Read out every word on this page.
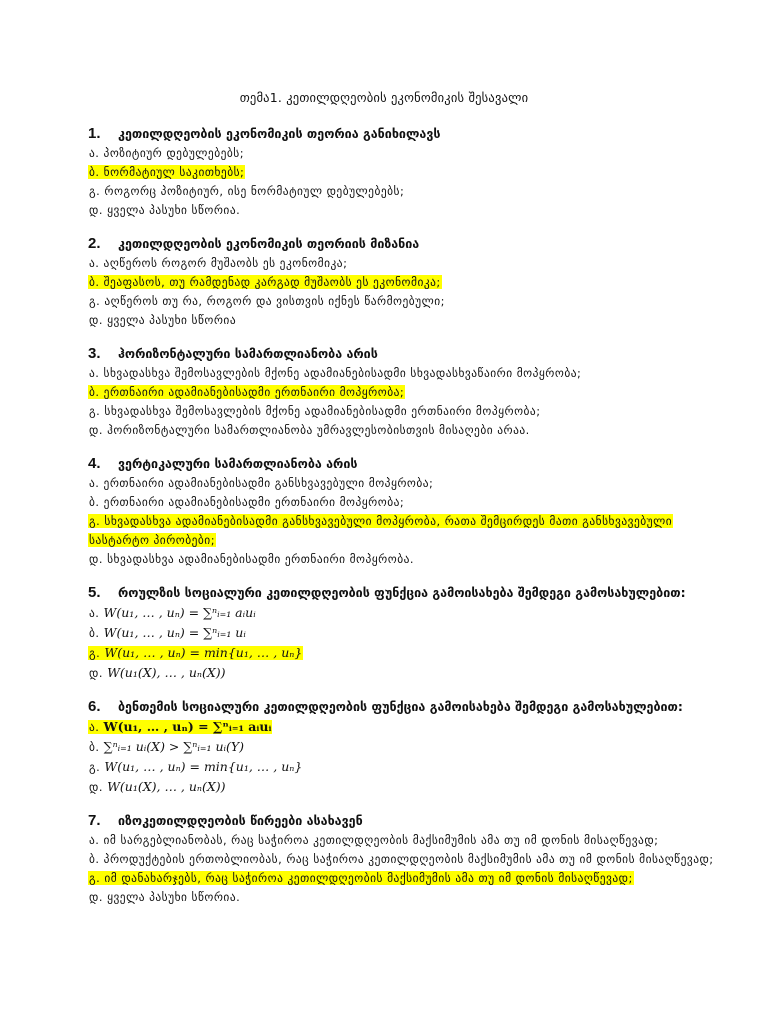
თემა1. კეთილდღეობის ეკონომიკის შესავალი
1.	კეთილდღეობის ეკონომიკის თეორია განიხილავს
ა. პოზიტიურ დებულებებს;
ბ. ნორმატიულ საკითხებს;
გ. როგორც პოზიტიურ, ისე ნორმატიულ დებულებებს;
დ. ყველა პასუხი სწორია.
2.	კეთილდღეობის ეკონომიკის თეორიის მიზანია
ა. აღწეროს როგორ მუშაობს ეს ეკონომიკა;
ბ. შეაფასოს, თუ რამდენად კარგად მუშაობს ეს ეკონომიკა;
გ. აღწეროს თუ რა, როგორ და ვისთვის იქნეს წარმოებული;
დ. ყველა პასუხი სწორია
3.	ჰორიზონტალური სამართლიანობა არის
ა. სხვადასხვა შემოსავლების მქონე ადამიანებისადმი სხვადასხვაწაირი მოპყრობა;
ბ. ერთნაირი ადამიანებისადმი ერთნაირი მოპყრობა;
გ. სხვადასხვა შემოსავლების მქონე ადამიანებისადმი ერთნაირი მოპყრობა;
დ. ჰორიზონტალური სამართლიანობა უმრავლესობისთვის მისაღები არაა.
4.	ვერტიკალური სამართლიანობა არის
ა. ერთნაირი ადამიანებისადმი განსხვავებული მოპყრობა;
ბ. ერთნაირი ადამიანებისადმი ერთნაირი მოპყრობა;
გ. სხვადასხვა ადამიანებისადმი განსხვავებული მოპყრობა, რათა შემცირდეს მათი განსხვავებული სასტარტო პირობები;
დ. სხვადასხვა ადამიანებისადმი ერთნაირი მოპყრობა.
5.	როულზის სოციალური კეთილდღეობის ფუნქცია გამოისახება შემდეგი გამოსახულებით:
ა. W(u₁, … , uₙ) = ∑ⁿᵢ₌₁ aᵢuᵢ
ბ. W(u₁, … , uₙ) = ∑ⁿᵢ₌₁ uᵢ
გ. W(u₁, … , uₙ) = min{u₁, … , uₙ}
დ. W(u₁(X), … , uₙ(X))
6.	ბენთემის სოციალური კეთილდღეობის ფუნქცია გამოისახება შემდეგი გამოსახულებით:
ა. W(u₁, … , uₙ) = ∑ⁿᵢ₌₁ aᵢuᵢ
ბ. ∑ⁿᵢ₌₁ uᵢ(X) > ∑ⁿᵢ₌₁ uᵢ(Y)
გ. W(u₁, … , uₙ) = min{u₁, … , uₙ}
დ. W(u₁(X), … , uₙ(X))
7.	იზოკეთილდღეობის წირეები ასახავენ
ა. იმ სარგებლიანობას, რაც საჭიროა კეთილდღეობის მაქსიმუმის ამა თუ იმ დონის მისაღწევად;
ბ. პროდუქტების ერთობლიობას, რაც საჭიროა კეთილდღეობის მაქსიმუმის ამა თუ იმ დონის მისაღწევად;
გ. იმ დანახარჯებს, რაც საჭიროა კეთილდღეობის მაქსიმუმის ამა თუ იმ დონის მისაღწევად;
დ. ყველა პასუხი სწორია.
